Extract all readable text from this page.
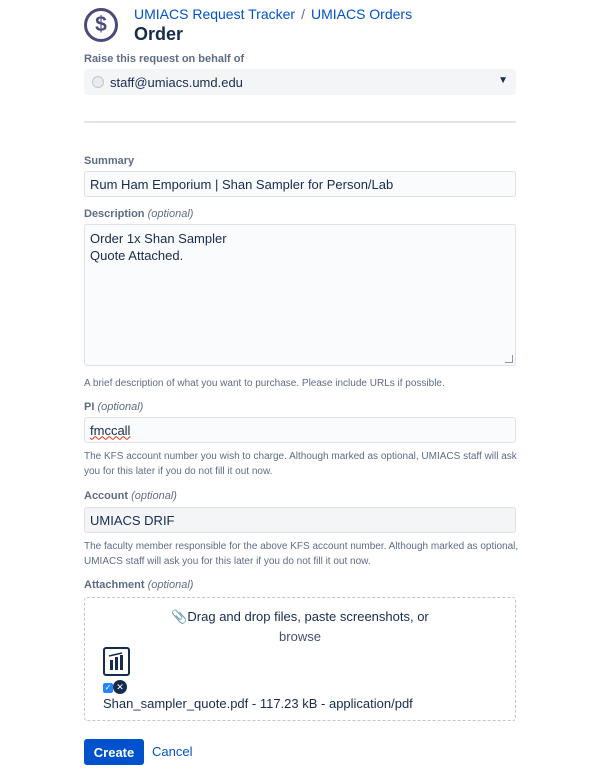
$ UMIACS Request Tracker / UMIACS Orders
Order
Raise this request on behalf of
staff@umiacs.umd.edu	▼
Summary
Rum Ham Emporium | Shan Sampler for Person/Lab
Description (optional)
Order 1x Shan Sampler
Quote Attached.
A brief description of what you want to purchase. Please include URLs if possible.
PI (optional)
fmccall
The KFS account number you wish to charge. Although marked as optional, UMIACS staff will ask you for this later if you do not fill it out now.
Account (optional)
UMIACS DRIF
The faculty member responsible for the above KFS account number. Although marked as optional, UMIACS staff will ask you for this later if you do not fill it out now.
Attachment (optional)
📎Drag and drop files, paste screenshots, or
browse
✓ ✕
Shan_sampler_quote.pdf - 117.23 kB - application/pdf
Create	Cancel
